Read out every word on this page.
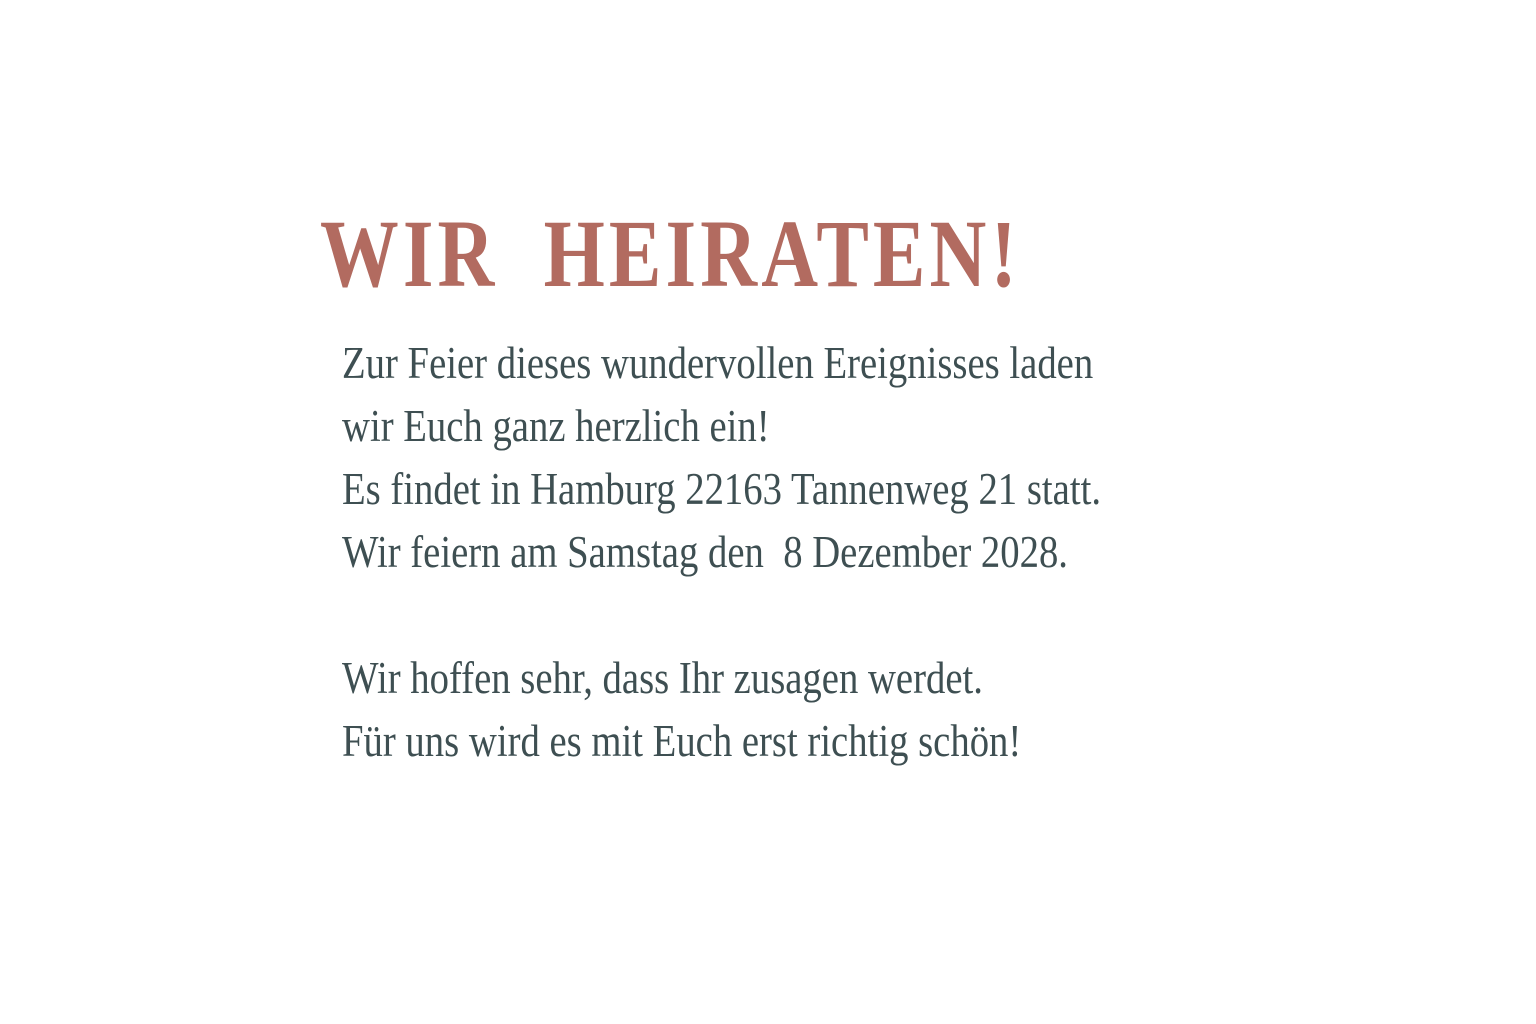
WIR HEIRATEN!
Zur Feier dieses wundervollen Ereignisses laden
wir Euch ganz herzlich ein!
Es findet in Hamburg 22163 Tannenweg 21 statt.
Wir feiern am Samstag den  8 Dezember 2028.
Wir hoffen sehr, dass Ihr zusagen werdet.
Für uns wird es mit Euch erst richtig schön!
